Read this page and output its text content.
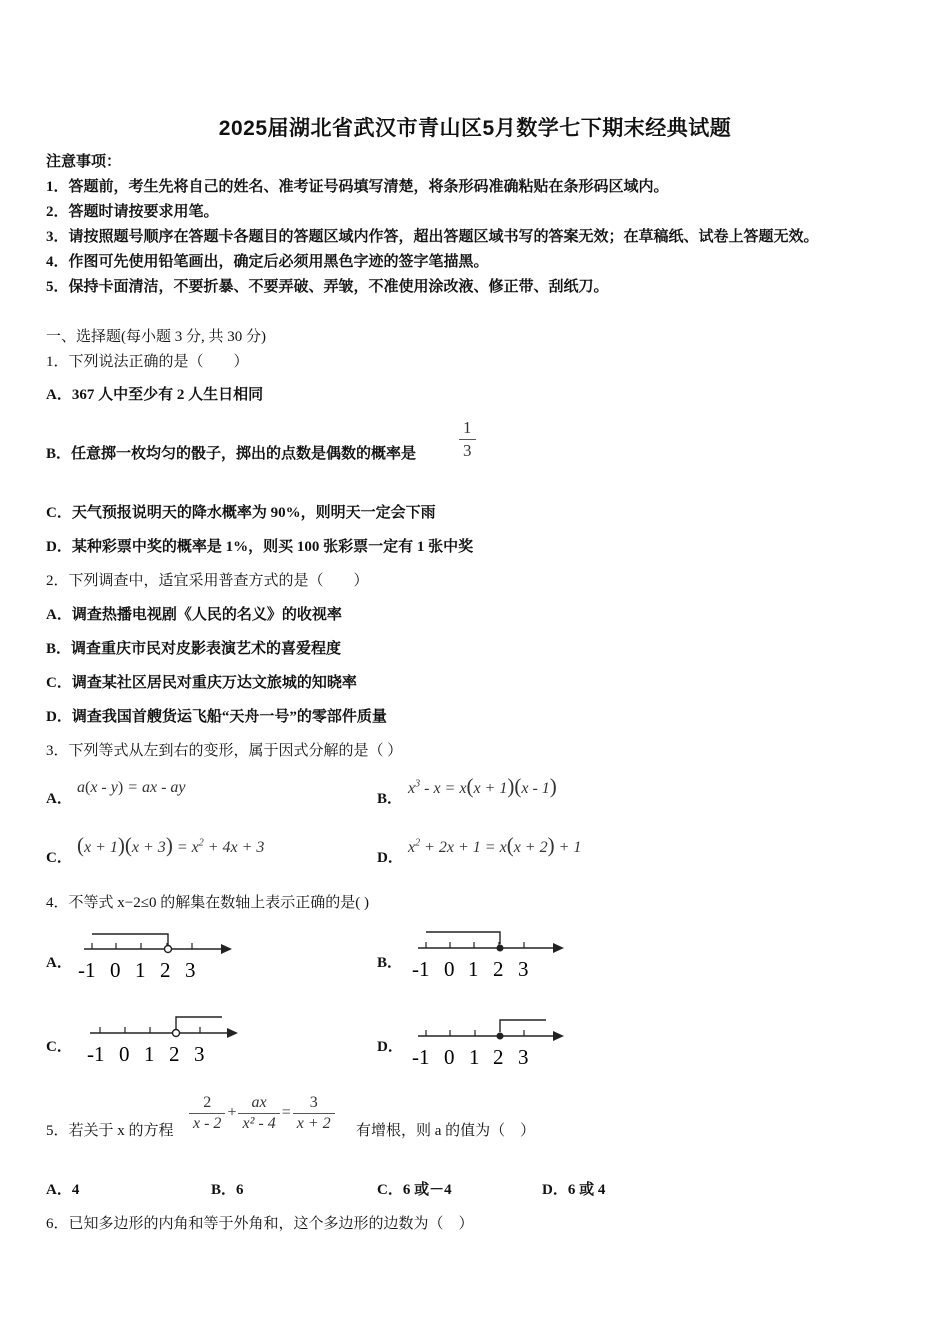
2025届湖北省武汉市青山区5月数学七下期末经典试题
注意事项：
1．答题前，考生先将自己的姓名、准考证号码填写清楚，将条形码准确粘贴在条形码区域内。
2．答题时请按要求用笔。
3．请按照题号顺序在答题卡各题目的答题区域内作答，超出答题区域书写的答案无效；在草稿纸、试卷上答题无效。
4．作图可先使用铅笔画出，确定后必须用黑色字迹的签字笔描黑。
5．保持卡面清洁，不要折暴、不要弄破、弄皱，不准使用涂改液、修正带、刮纸刀。
一、选择题(每小题 3 分, 共 30 分)
1．下列说法正确的是（　　）
A．367 人中至少有 2 人生日相同
B．任意掷一枚均匀的骰子，掷出的点数是偶数的概率是	$\frac{1}{3}$
C．天气预报说明天的降水概率为 90%，则明天一定会下雨
D．某种彩票中奖的概率是 1%，则买 100 张彩票一定有 1 张中奖
2．下列调查中，适宜采用普查方式的是（　　）
A．调查热播电视剧《人民的名义》的收视率
B．调查重庆市民对皮影表演艺术的喜爱程度
C．调查某社区居民对重庆万达文旅城的知晓率
D．调查我国首艘货运飞船“天舟一号”的零部件质量
3．下列等式从左到右的变形，属于因式分解的是（ ）
A．
a(x - y) = ax - ay
B．
$x^3 - x = x(x + 1)(x - 1)$
C．
$(x + 1)(x + 3) = x^2 + 4x + 3$
D．
$x^2 + 2x + 1 = x(x + 2) + 1$
4．不等式 x−2≤0 的解集在数轴上表示正确的是( )
A． -1 0 1 2 3	B． -1 0 1 2 3
C． -1 0 1 2 3	D． -1 0 1 2 3
5．若关于 x 的方程 $\frac{2}{x - 2} + \frac{ax}{\text{x² - 4}} = \frac{3}{x + 2}$ 有增根，则 a 的值为（　）
A．4	B．6	C．6 或－4	D．6 或 4
6．已知多边形的内角和等于外角和，这个多边形的边数为（　）
